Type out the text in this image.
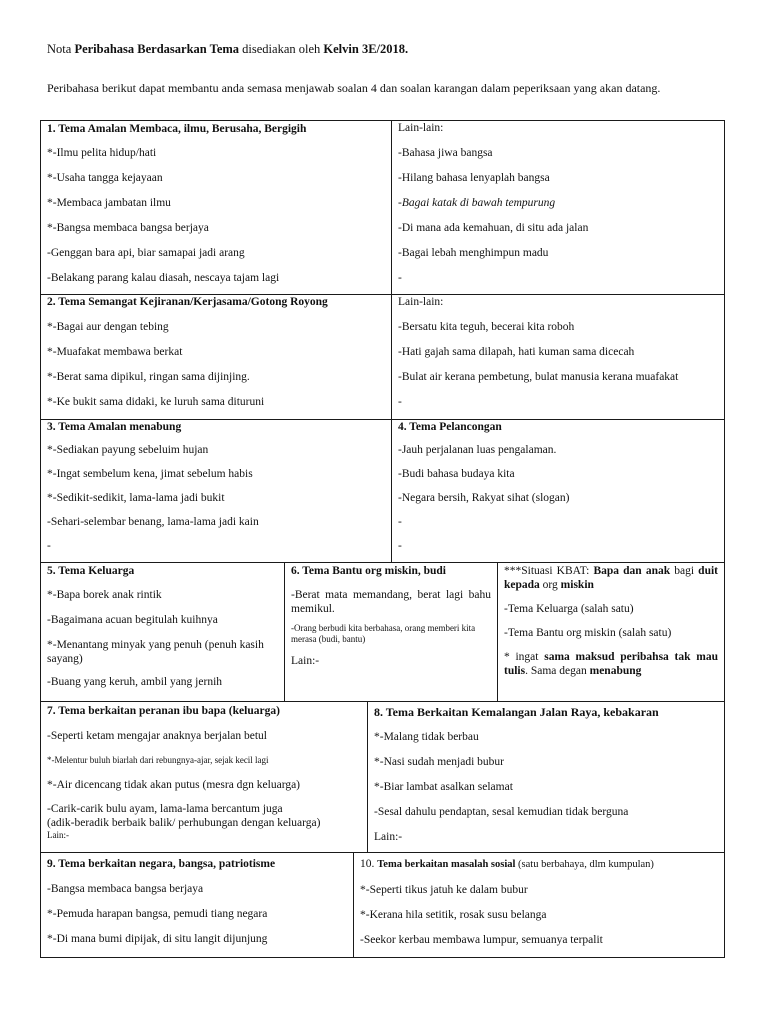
Nota Peribahasa Berdasarkan Tema disediakan oleh Kelvin 3E/2018.
Peribahasa berikut dapat membantu anda semasa menjawab soalan 4 dan soalan karangan dalam peperiksaan yang akan datang.

1. Tema Amalan Membaca, ilmu, Berusaha, Bergigih

*-Ilmu pelita hidup/hati

*-Usaha tangga kejayaan

*-Membaca jambatan ilmu

*-Bangsa membaca bangsa berjaya

-Genggan bara api, biar samapai jadi arang

-Belakang parang kalau diasah, nescaya tajam lagi

Lain-lain:

-Bahasa jiwa bangsa

-Hilang bahasa lenyaplah bangsa

-Bagai katak di bawah tempurung

-Di mana ada kemahuan, di situ ada jalan

-Bagai lebah menghimpun madu

-

2. Tema Semangat Kejiranan/Kerjasama/Gotong Royong

*-Bagai aur dengan tebing

*-Muafakat membawa berkat

*-Berat sama dipikul, ringan sama dijinjing.

*-Ke bukit sama didaki, ke luruh sama dituruni

Lain-lain:

-Bersatu kita teguh, becerai kita roboh

-Hati gajah sama dilapah, hati kuman sama dicecah

-Bulat air kerana pembetung, bulat manusia kerana muafakat

-

3. Tema Amalan menabung

*-Sediakan payung sebeluim hujan

*-Ingat sembelum kena, jimat sebelum habis

*-Sedikit-sedikit, lama-lama jadi bukit

-Sehari-selembar benang, lama-lama jadi kain

-

4. Tema Pelancongan

-Jauh perjalanan luas pengalaman.

-Budi bahasa budaya kita

-Negara bersih, Rakyat sihat (slogan)

-

-

5. Tema Keluarga

*-Bapa borek anak rintik

-Bagaimana acuan begitulah kuihnya

*-Menantang minyak yang penuh (penuh kasih sayang)

-Buang yang keruh, ambil yang jernih

6. Tema Bantu org miskin, budi

-Berat mata memandang, berat lagi bahu memikul.

-Orang berbudi kita berbahasa, orang memberi kita merasa (budi, bantu)

Lain:-

***Situasi KBAT: Bapa dan anak bagi duit kepada org miskin

-Tema Keluarga (salah satu)

-Tema Bantu org miskin (salah satu)

* ingat sama maksud peribahsa tak mau tulis. Sama degan menabung

7. Tema berkaitan peranan ibu bapa (keluarga)

-Seperti ketam mengajar anaknya berjalan betul

*-Melentur buluh biarlah dari rebungnya-ajar, sejak kecil lagi

*-Air dicencang tidak akan putus (mesra dgn keluarga)

-Carik-carik bulu ayam, lama-lama bercantum juga

(adik-beradik berbaik balik/ perhubungan dengan keluarga)

Lain:-

8. Tema Berkaitan Kemalangan Jalan Raya, kebakaran

*-Malang tidak berbau

*-Nasi sudah menjadi bubur

*-Biar lambat asalkan selamat

-Sesal dahulu pendaptan, sesal kemudian tidak berguna

Lain:-

9. Tema berkaitan negara, bangsa, patriotisme

-Bangsa membaca bangsa berjaya

*-Pemuda harapan bangsa, pemudi tiang negara

*-Di mana bumi dipijak, di situ langit dijunjung

10. Tema berkaitan masalah sosial (satu berbahaya, dlm kumpulan)

*-Seperti tikus jatuh ke dalam bubur

*-Kerana hila setitik, rosak susu belanga

-Seekor kerbau membawa lumpur, semuanya terpalit
